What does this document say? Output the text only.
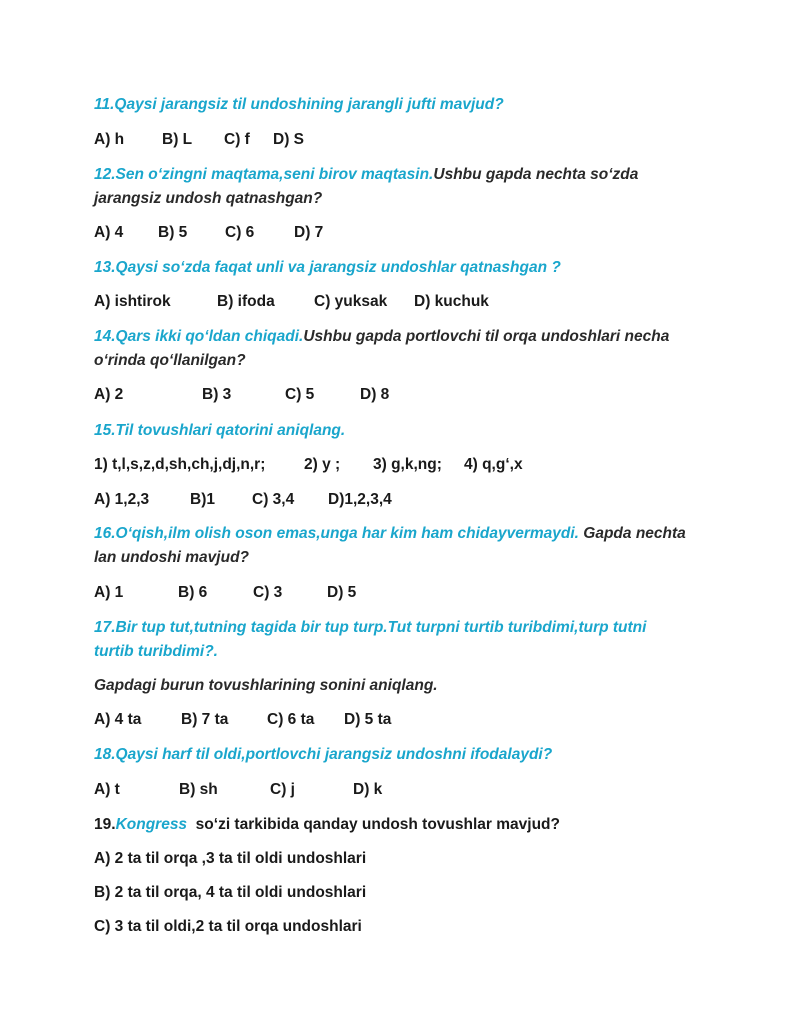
11.Qaysi jarangsiz til undoshining jarangli jufti mavjud?
A) h B) L C) f D) S
12.Sen o‘zingni maqtama,seni birov maqtasin.Ushbu gapda nechta so‘zda
jarangsiz undosh qatnashgan?
A) 4 B) 5 C) 6	D) 7
13.Qaysi so‘zda faqat unli va jarangsiz undoshlar qatnashgan ?
A) ishtirok	B) ifoda	C) yuksak D) kuchuk
14.Qars ikki qo‘ldan chiqadi.Ushbu gapda portlovchi til orqa undoshlari necha
o‘rinda qo‘llanilgan?
A) 2	B) 3	C) 5	D) 8
15.Til tovushlari qatorini aniqlang.
1) t,l,s,z,d,sh,ch,j,dj,n,r; 2) y ; 3) g,k,ng; 4) q,g‘,x
A) 1,2,3	B)1 C) 3,4 D)1,2,3,4
16.O‘qish,ilm olish oson emas,unga har kim ham chidayvermaydi. Gapda nechta
lan undoshi mavjud?
A) 1	B) 6	C) 3	D) 5
17.Bir tup tut,tutning tagida bir tup turp.Tut turpni turtib turibdimi,turp tutni
turtib turibdimi?.
Gapdagi burun tovushlarining sonini aniqlang.
A) 4 ta	B) 7 ta C) 6 ta D) 5 ta
18.Qaysi harf til oldi,portlovchi jarangsiz undoshni ifodalaydi?
A) t	B) sh	C) j	D) k
19.Kongress  so‘zi tarkibida qanday undosh tovushlar mavjud?
A) 2 ta til orqa ,3 ta til oldi undoshlari
B) 2 ta til orqa, 4 ta til oldi undoshlari
C) 3 ta til oldi,2 ta til orqa undoshlari
